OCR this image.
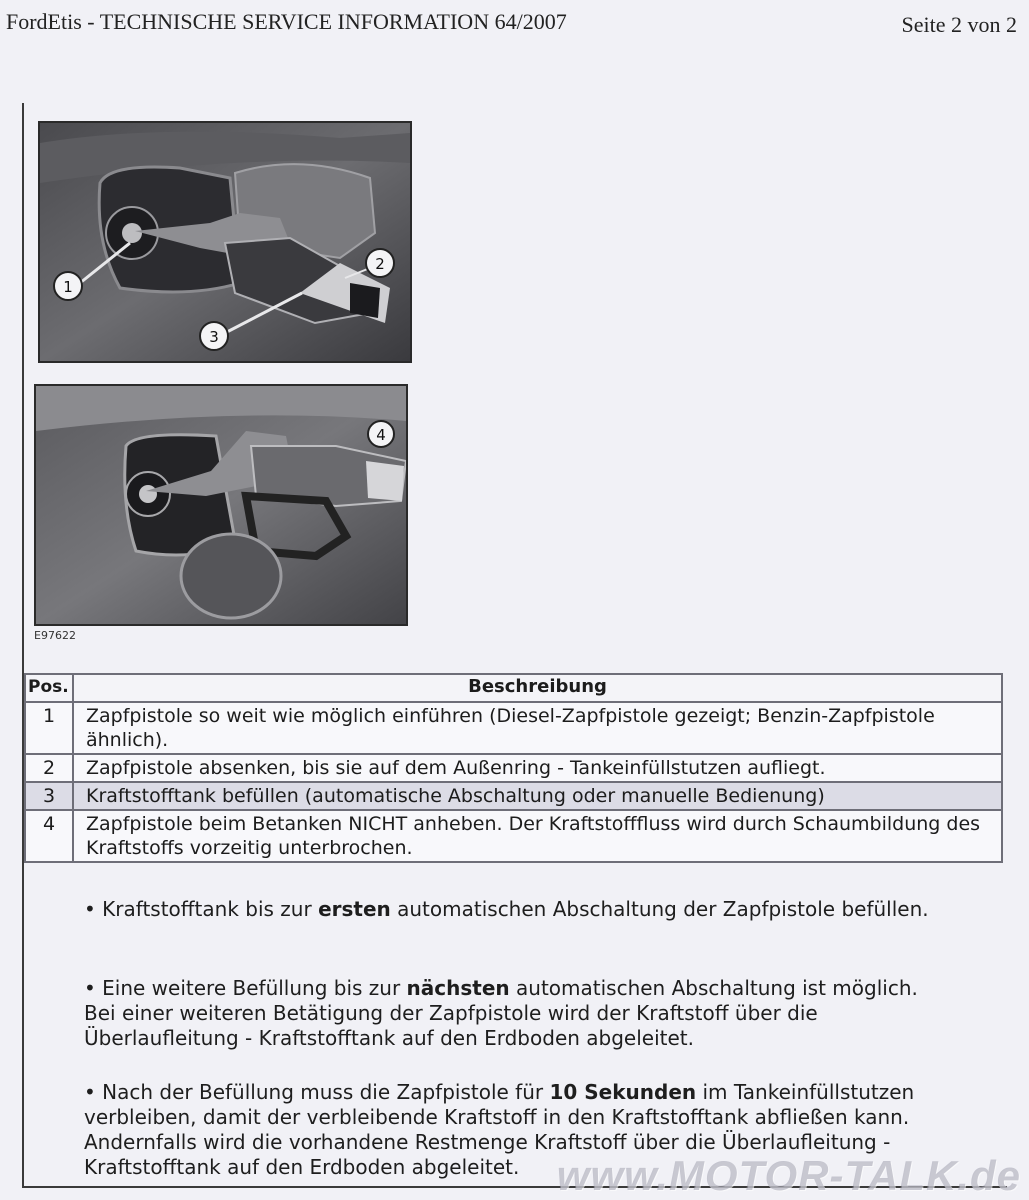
FordEtis - TECHNISCHE SERVICE INFORMATION 64/2007	Seite 2 von 2
1
2
3
4
E97622
Pos.	Beschreibung
1	Zapfpistole so weit wie möglich einführen (Diesel-Zapfpistole gezeigt; Benzin-Zapfpistole ähnlich).
2	Zapfpistole absenken, bis sie auf dem Außenring - Tankeinfüllstutzen aufliegt.
3	Kraftstofftank befüllen (automatische Abschaltung oder manuelle Bedienung)
4	Zapfpistole beim Betanken NICHT anheben. Der Kraftstofffluss wird durch Schaumbildung des Kraftstoffs vorzeitig unterbrochen.
• Kraftstofftank bis zur ersten automatischen Abschaltung der Zapfpistole befüllen.
• Eine weitere Befüllung bis zur nächsten automatischen Abschaltung ist möglich. Bei einer weiteren Betätigung der Zapfpistole wird der Kraftstoff über die Überlaufleitung - Kraftstofftank auf den Erdboden abgeleitet.
• Nach der Befüllung muss die Zapfpistole für 10 Sekunden im Tankeinfüllstutzen verbleiben, damit der verbleibende Kraftstoff in den Kraftstofftank abfließen kann. Andernfalls wird die vorhandene Restmenge Kraftstoff über die Überlaufleitung - Kraftstofftank auf den Erdboden abgeleitet. www.MOTOR-TALK.de
